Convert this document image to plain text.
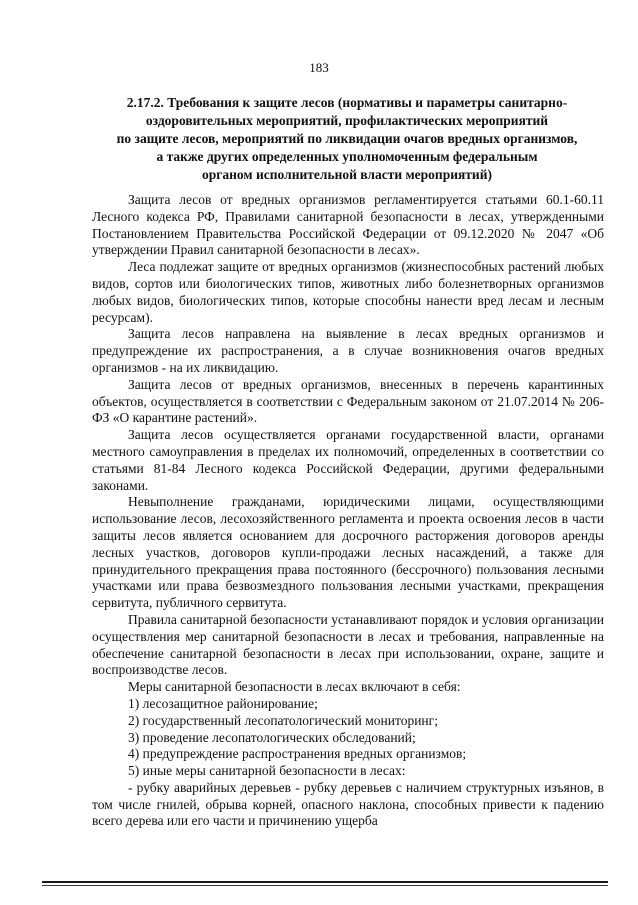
183
2.17.2. Требования к защите лесов (нормативы и параметры санитарно-
оздоровительных мероприятий, профилактических мероприятий
по защите лесов, мероприятий по ликвидации очагов вредных организмов,
а также других определенных уполномоченным федеральным
органом исполнительной власти мероприятий)

Защита лесов от вредных организмов регламентируется статьями 60.1-60.11 Лесного кодекса РФ, Правилами санитарной безопасности в лесах, утвержденными Постановлением Правительства Российской Федерации от 09.12.2020 № 2047 «Об утверждении Правил санитарной безопасности в лесах».

Леса подлежат защите от вредных организмов (жизнеспособных растений любых видов, сортов или биологических типов, животных либо болезнетворных организмов любых видов, биологических типов, которые способны нанести вред лесам и лесным ресурсам).

Защита лесов направлена на выявление в лесах вредных организмов и предупреждение их распространения, а в случае возникновения очагов вредных организмов - на их ликвидацию.

Защита лесов от вредных организмов, внесенных в перечень карантинных объектов, осуществляется в соответствии с Федеральным законом от 21.07.2014 № 206-ФЗ «О карантине растений».

Защита лесов осуществляется органами государственной власти, органами местного самоуправления в пределах их полномочий, определенных в соответствии со статьями 81-84 Лесного кодекса Российской Федерации, другими федеральными законами.

Невыполнение гражданами, юридическими лицами, осуществляющими использование лесов, лесохозяйственного регламента и проекта освоения лесов в части защиты лесов является основанием для досрочного расторжения договоров аренды лесных участков, договоров купли-продажи лесных насаждений, а также для принудительного прекращения права постоянного (бессрочного) пользования лесными участками или права безвозмездного пользования лесными участками, прекращения сервитута, публичного сервитута.

Правила санитарной безопасности устанавливают порядок и условия организации осуществления мер санитарной безопасности в лесах и требования, направленные на обеспечение санитарной безопасности в лесах при использовании, охране, защите и воспроизводстве лесов.

Меры санитарной безопасности в лесах включают в себя:

1) лесозащитное районирование;

2) государственный лесопатологический мониторинг;

3) проведение лесопатологических обследований;

4) предупреждение распространения вредных организмов;

5) иные меры санитарной безопасности в лесах:

- рубку аварийных деревьев - рубку деревьев с наличием структурных изъянов, в том числе гнилей, обрыва корней, опасного наклона, способных привести к падению всего дерева или его части и причинению ущерба
